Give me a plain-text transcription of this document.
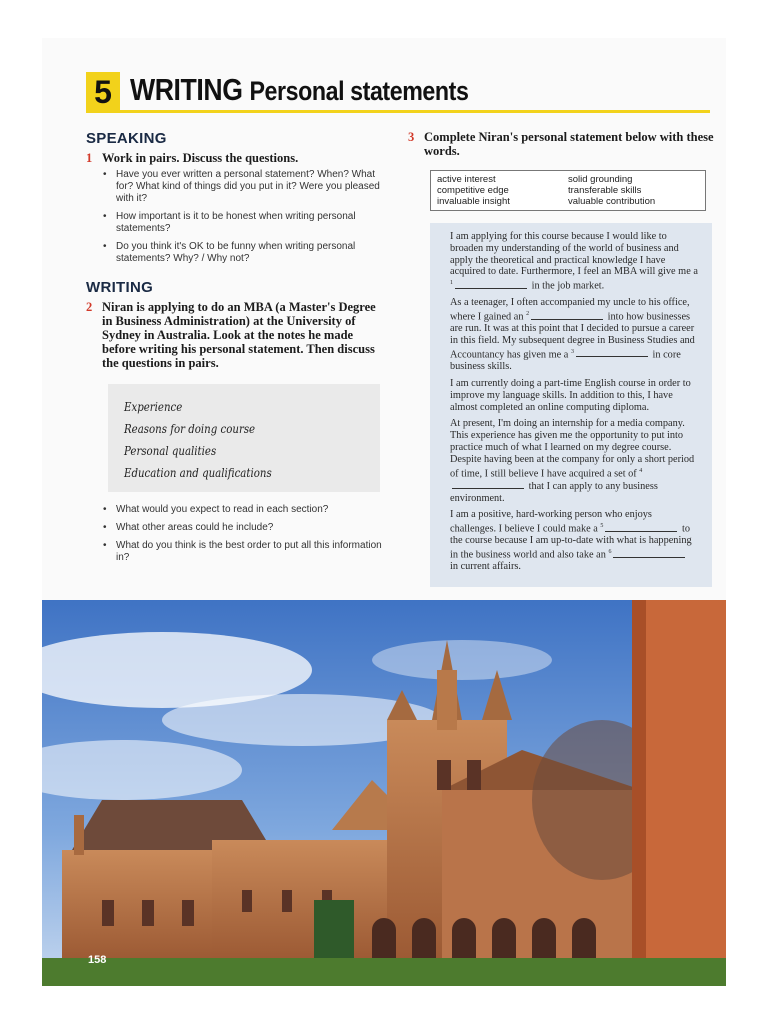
5 WRITING Personal statements
SPEAKING
1 Work in pairs. Discuss the questions.
• Have you ever written a personal statement? When? What for? What kind of things did you put in it? Were you pleased with it?
• How important is it to be honest when writing personal statements?
• Do you think it's OK to be funny when writing personal statements? Why? / Why not?
WRITING
2 Niran is applying to do an MBA (a Master's Degree in Business Administration) at the University of Sydney in Australia. Look at the notes he made before writing his personal statement. Then discuss the questions in pairs.
Experience
Reasons for doing course
Personal qualities
Education and qualifications
• What would you expect to read in each section?
• What other areas could he include?
• What do you think is the best order to put all this information in?
3 Complete Niran's personal statement below with these words.
active interest	solid grounding
competitive edge	transferable skills
invaluable insight	valuable contribution

I am applying for this course because I would like to broaden my understanding of the world of business and apply the theoretical and practical knowledge I have acquired to date. Furthermore, I feel an MBA will give me a $^1$	in the job market.

As a teenager, I often accompanied my uncle to his office, where I gained an $^2$	into how businesses are run. It was at this point that I decided to pursue a career in this field. My subsequent degree in Business Studies and Accountancy has given me a $^3$	in core business skills.

I am currently doing a part-time English course in order to improve my language skills. In addition to this, I have almost completed an online computing diploma.

At present, I'm doing an internship for a media company. This experience has given me the opportunity to put into practice much of what I learned on my degree course. Despite having been at the company for only a short period of time, I still believe I have acquired a set of $^4$ that I can apply to any business environment.

I am a positive, hard-working person who enjoys challenges. I believe I could make a $^5$	to the course because I am up-to-date with what is happening in the business world and also take an $^6$ in current affairs.

158
